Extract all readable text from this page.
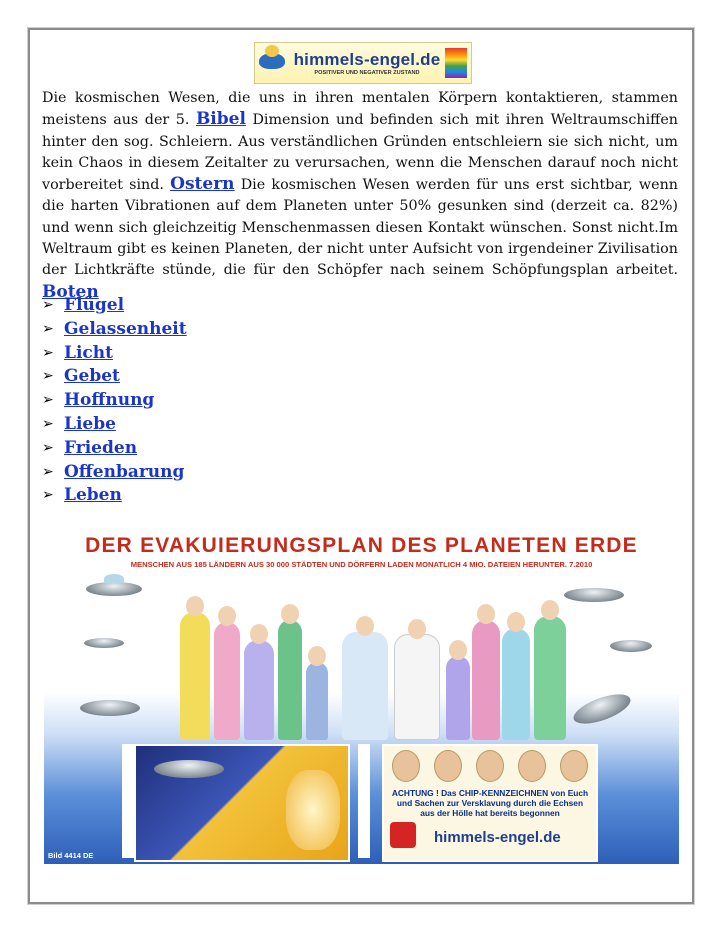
himmels-engel.de
POSITIVER UND NEGATIVER ZUSTAND
Die kosmischen Wesen, die uns in ihren mentalen Körpern kontaktieren, stammen meistens aus der 5. Bibel Dimension und befinden sich mit ihren Weltraumschiffen hinter den sog. Schleiern. Aus verständlichen Gründen entschleiern sie sich nicht, um kein Chaos in diesem Zeitalter zu verursachen, wenn die Menschen darauf noch nicht vorbereitet sind. Ostern Die kosmischen Wesen werden für uns erst sichtbar, wenn die harten Vibrationen auf dem Planeten unter 50% gesunken sind (derzeit ca. 82%) und wenn sich gleichzeitig Menschenmassen diesen Kontakt wünschen. Sonst nicht.Im Weltraum gibt es keinen Planeten, der nicht unter Aufsicht von irgendeiner Zivilisation der Lichtkräfte stünde, die für den Schöpfer nach seinem Schöpfungsplan arbeitet. Boten
➢ Flügel
➢ Gelassenheit
➢ Licht
➢ Gebet
➢ Hoffnung
➢ Liebe
➢ Frieden
➢ Offenbarung
➢ Leben
DER EVAKUIERUNGSPLAN DES PLANETEN ERDE
MENSCHEN AUS 185 LÄNDERN AUS 30 000 STÄDTEN UND DÖRFERN LADEN MONATLICH 4 MIO. DATEIEN HERUNTER. 7.2010
ACHTUNG ! Das CHIP-KENNZEICHNEN von Euch und Sachen zur Versklavung durch die Echsen aus der Hölle hat bereits begonnen
himmels-engel.de
Bild 4414 DE
